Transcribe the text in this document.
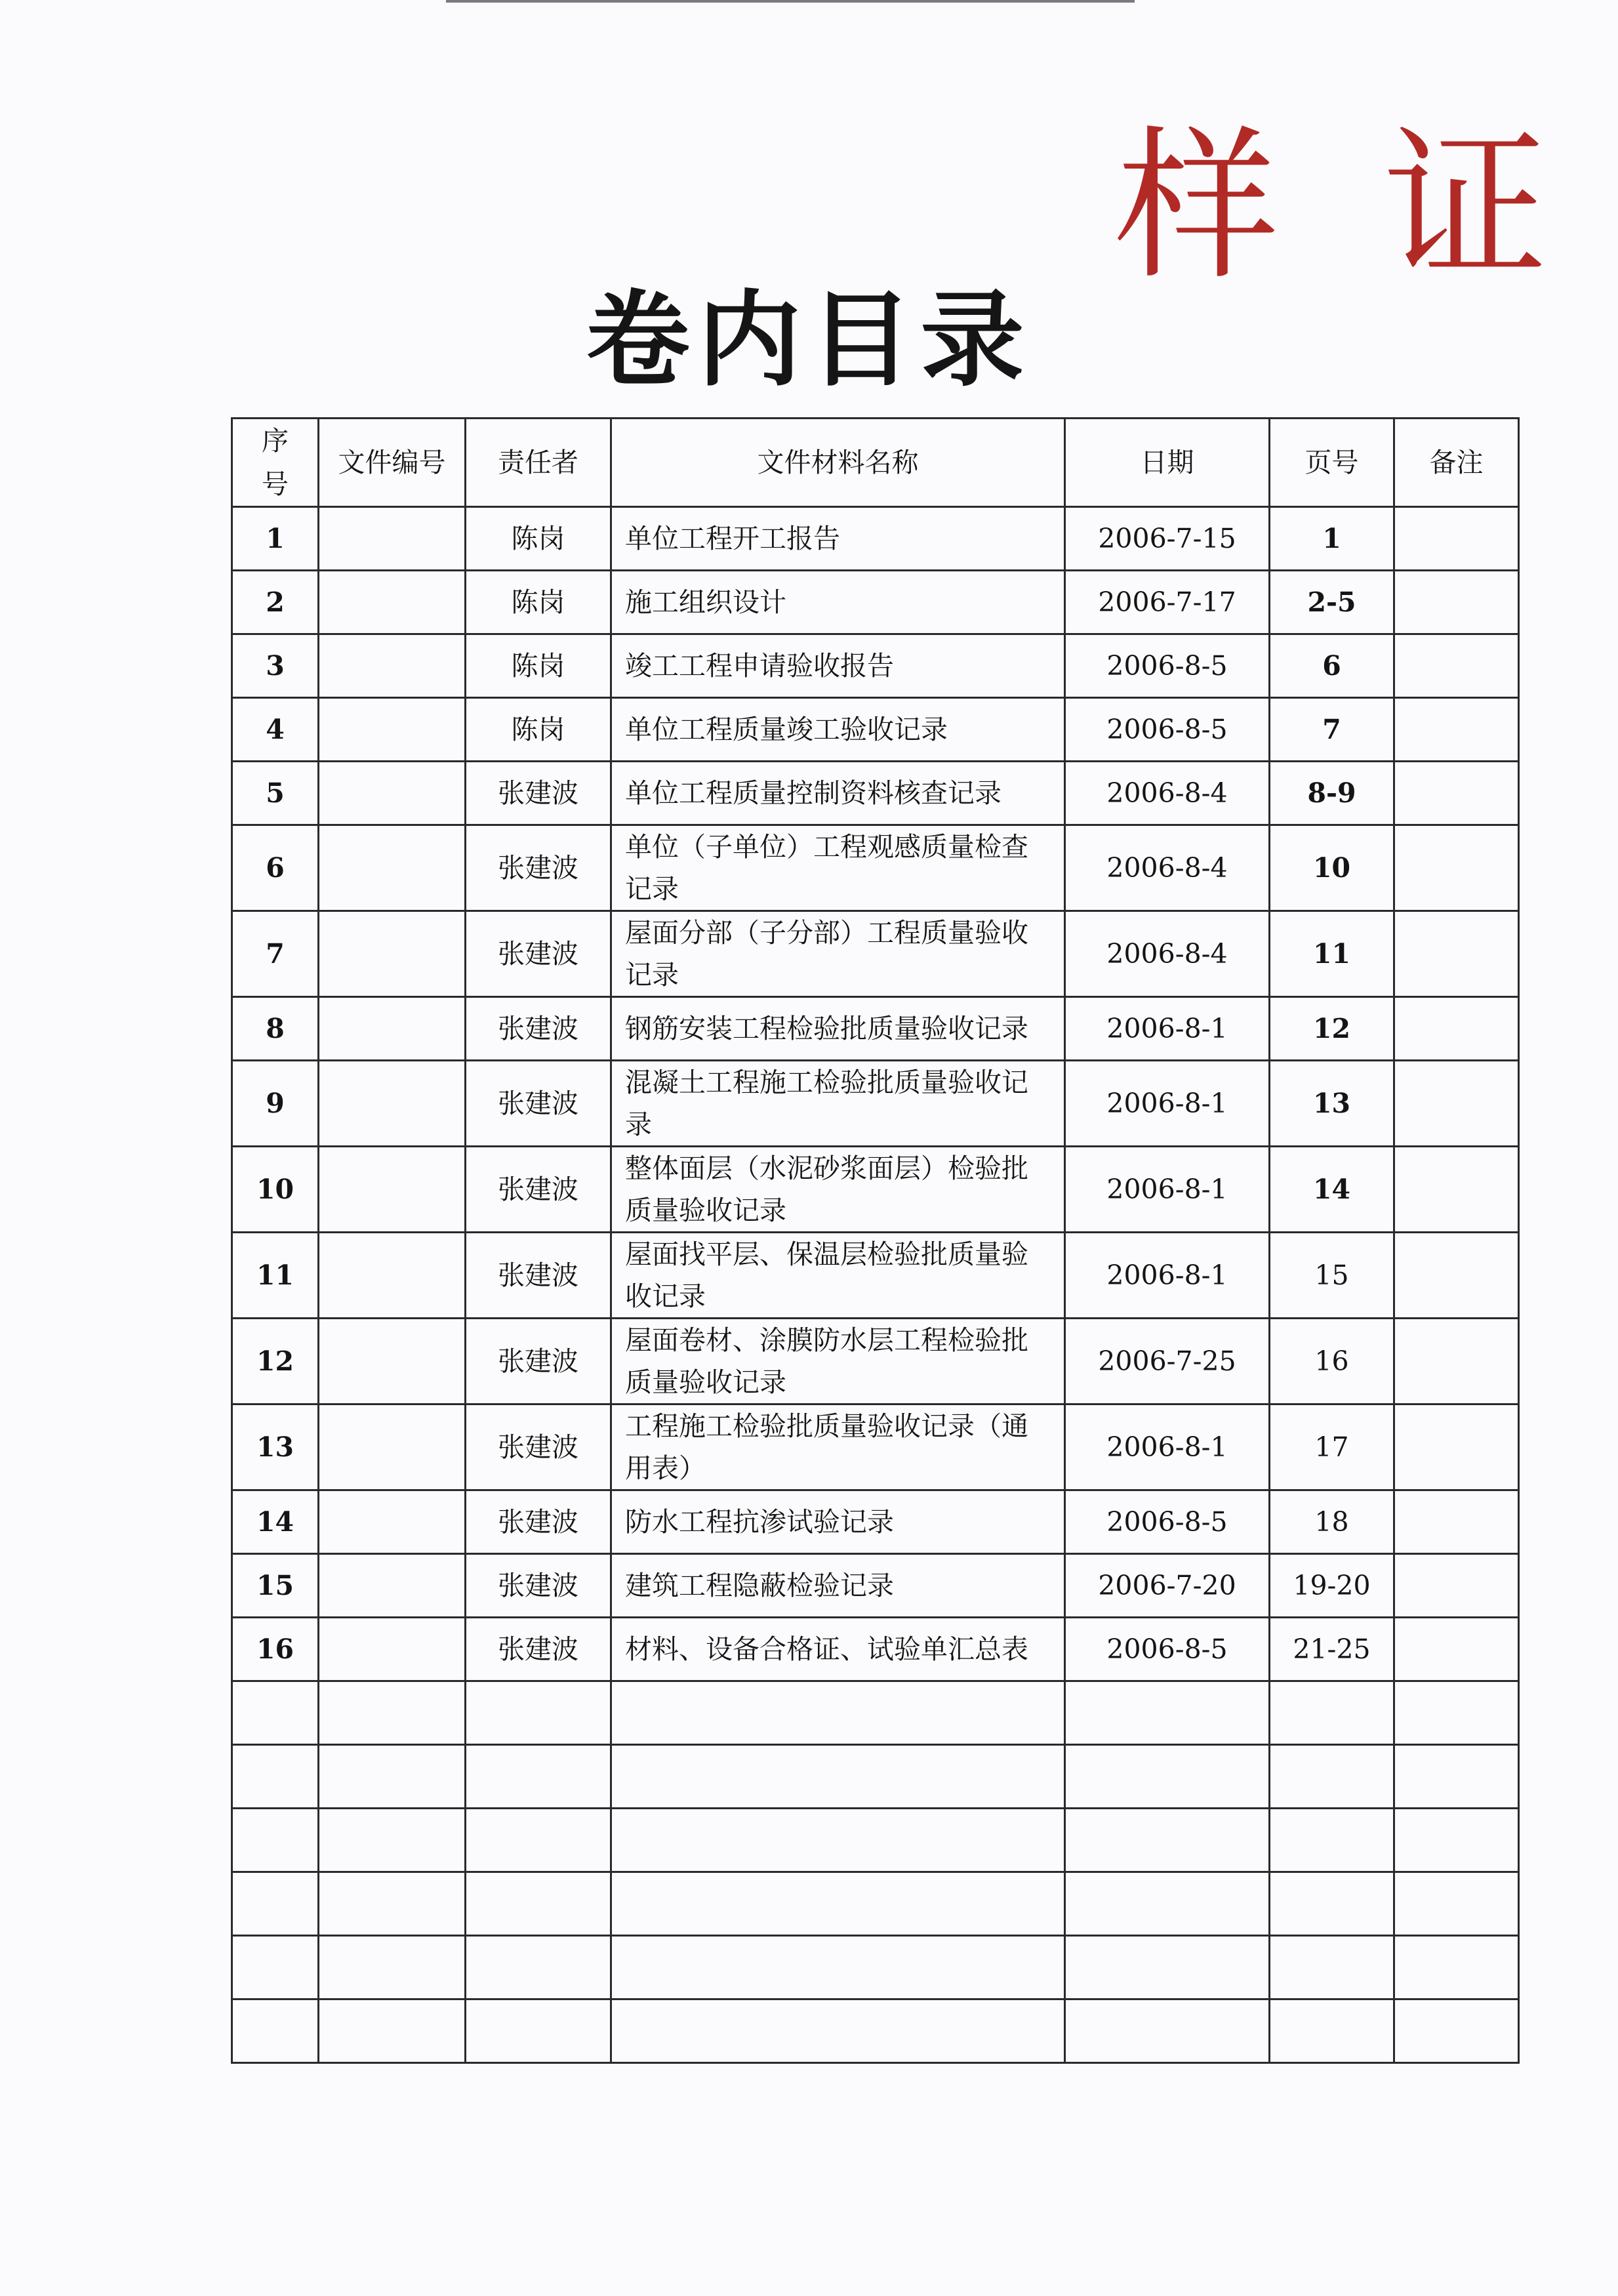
样 证
卷内目录
序号	文件编号	责任者	文件材料名称	日期	页号	备注
1		陈岗	单位工程开工报告	2006-7-15	1	
2		陈岗	施工组织设计	2006-7-17	2-5	
3		陈岗	竣工工程申请验收报告	2006-8-5	6	
4		陈岗	单位工程质量竣工验收记录	2006-8-5	7	
5		张建波	单位工程质量控制资料核查记录	2006-8-4	8-9	
6		张建波	单位（子单位）工程观感质量检查记录	2006-8-4	10	
7		张建波	屋面分部（子分部）工程质量验收记录	2006-8-4	11	
8		张建波	钢筋安装工程检验批质量验收记录	2006-8-1	12	
9		张建波	混凝土工程施工检验批质量验收记录	2006-8-1	13	
10		张建波	整体面层（水泥砂浆面层）检验批质量验收记录	2006-8-1	14	
11		张建波	屋面找平层、保温层检验批质量验收记录	2006-8-1	15	
12		张建波	屋面卷材、涂膜防水层工程检验批质量验收记录	2006-7-25	16	
13		张建波	工程施工检验批质量验收记录（通用表）	2006-8-1	17	
14		张建波	防水工程抗渗试验记录	2006-8-5	18	
15		张建波	建筑工程隐蔽检验记录	2006-7-20	19-20	
16		张建波	材料、设备合格证、试验单汇总表	2006-8-5	21-25	
